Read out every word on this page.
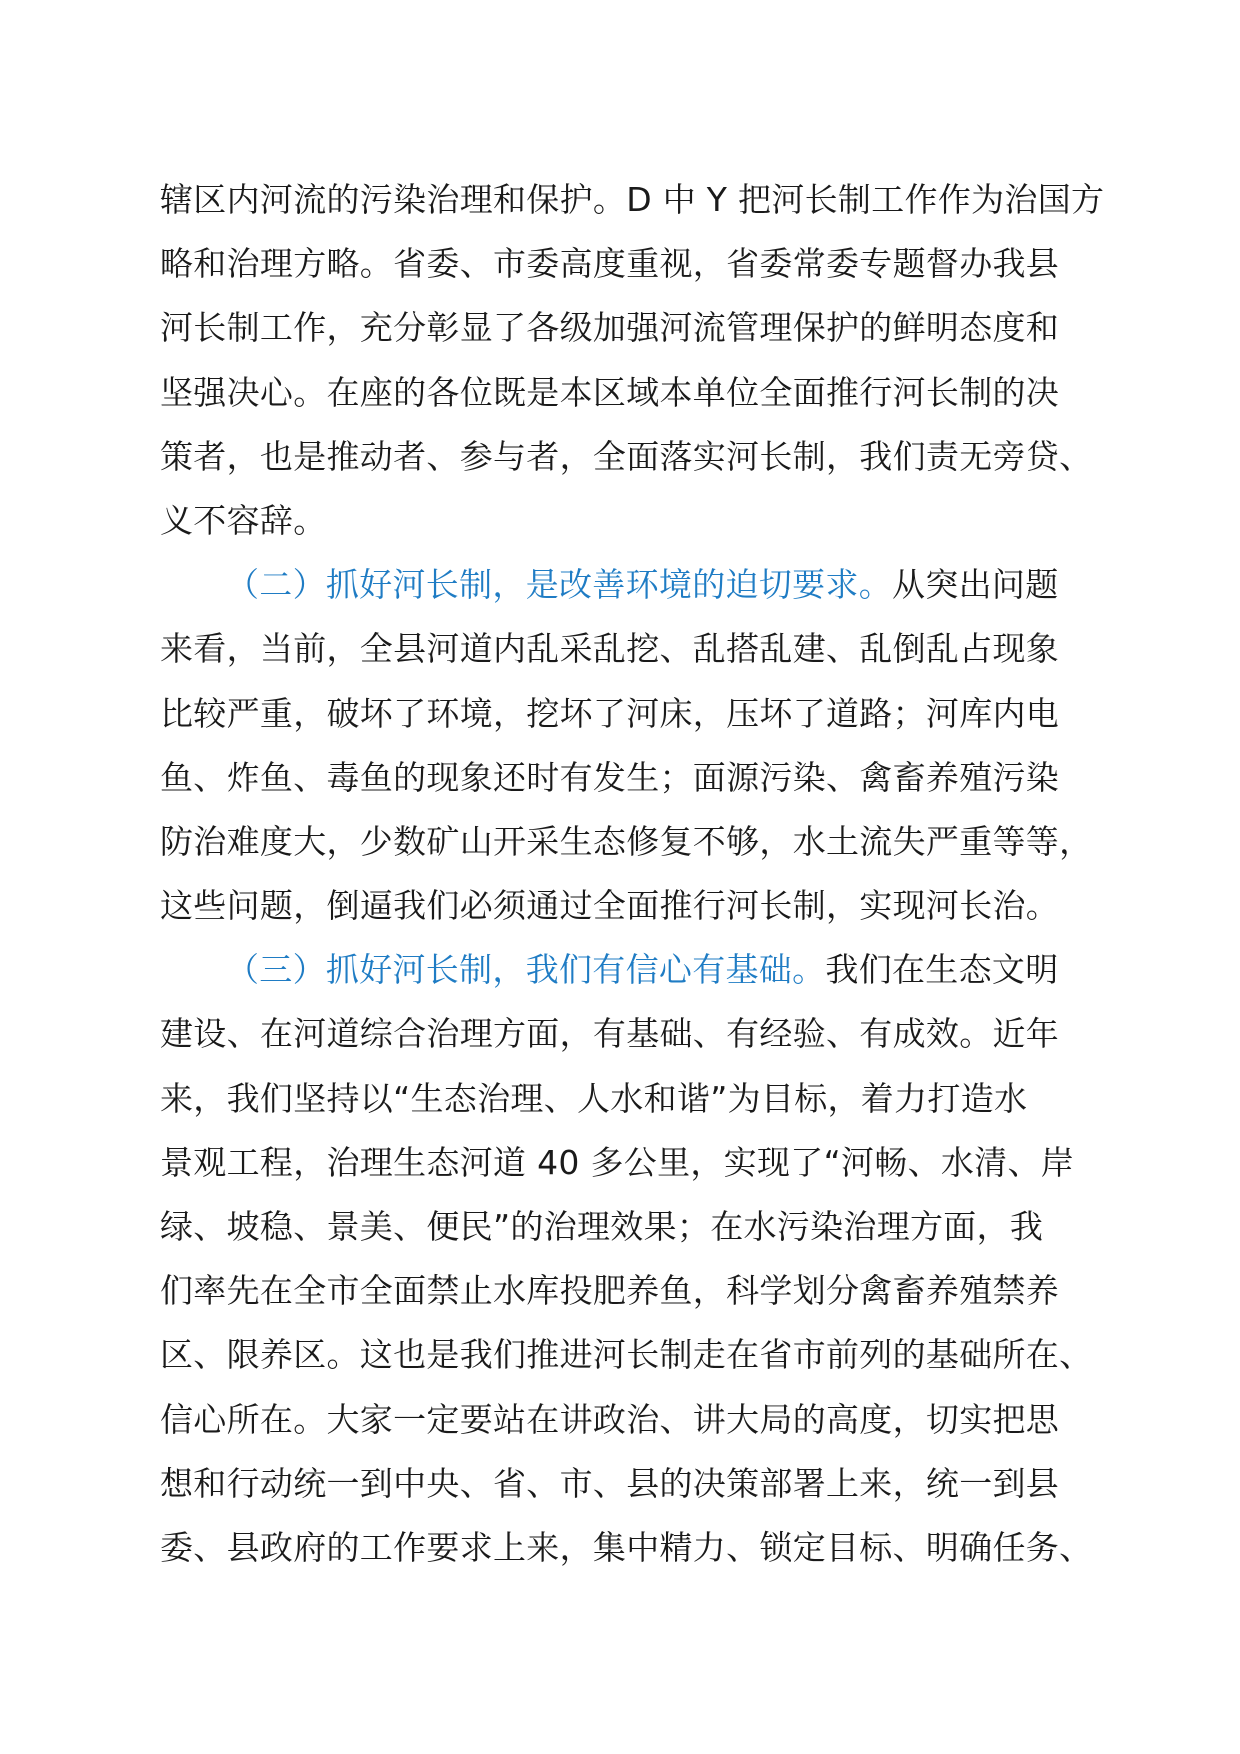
辖区内河流的污染治理和保护。D 中 Y 把河长制工作作为治国方
略和治理方略。省委、市委高度重视，省委常委专题督办我县
河长制工作，充分彰显了各级加强河流管理保护的鲜明态度和
坚强决心。在座的各位既是本区域本单位全面推行河长制的决
策者，也是推动者、参与者，全面落实河长制，我们责无旁贷、
义不容辞。
（二）抓好河长制，是改善环境的迫切要求。从突出问题
来看，当前，全县河道内乱采乱挖、乱搭乱建、乱倒乱占现象
比较严重，破坏了环境，挖坏了河床，压坏了道路；河库内电
鱼、炸鱼、毒鱼的现象还时有发生；面源污染、禽畜养殖污染
防治难度大，少数矿山开采生态修复不够，水土流失严重等等，
这些问题，倒逼我们必须通过全面推行河长制，实现河长治。
（三）抓好河长制，我们有信心有基础。我们在生态文明
建设、在河道综合治理方面，有基础、有经验、有成效。近年
来，我们坚持以“生态治理、人水和谐”为目标，着力打造水
景观工程，治理生态河道 40 多公里，实现了“河畅、水清、岸
绿、坡稳、景美、便民”的治理效果；在水污染治理方面，我
们率先在全市全面禁止水库投肥养鱼，科学划分禽畜养殖禁养
区、限养区。这也是我们推进河长制走在省市前列的基础所在、
信心所在。大家一定要站在讲政治、讲大局的高度，切实把思
想和行动统一到中央、省、市、县的决策部署上来，统一到县
委、县政府的工作要求上来，集中精力、锁定目标、明确任务、
